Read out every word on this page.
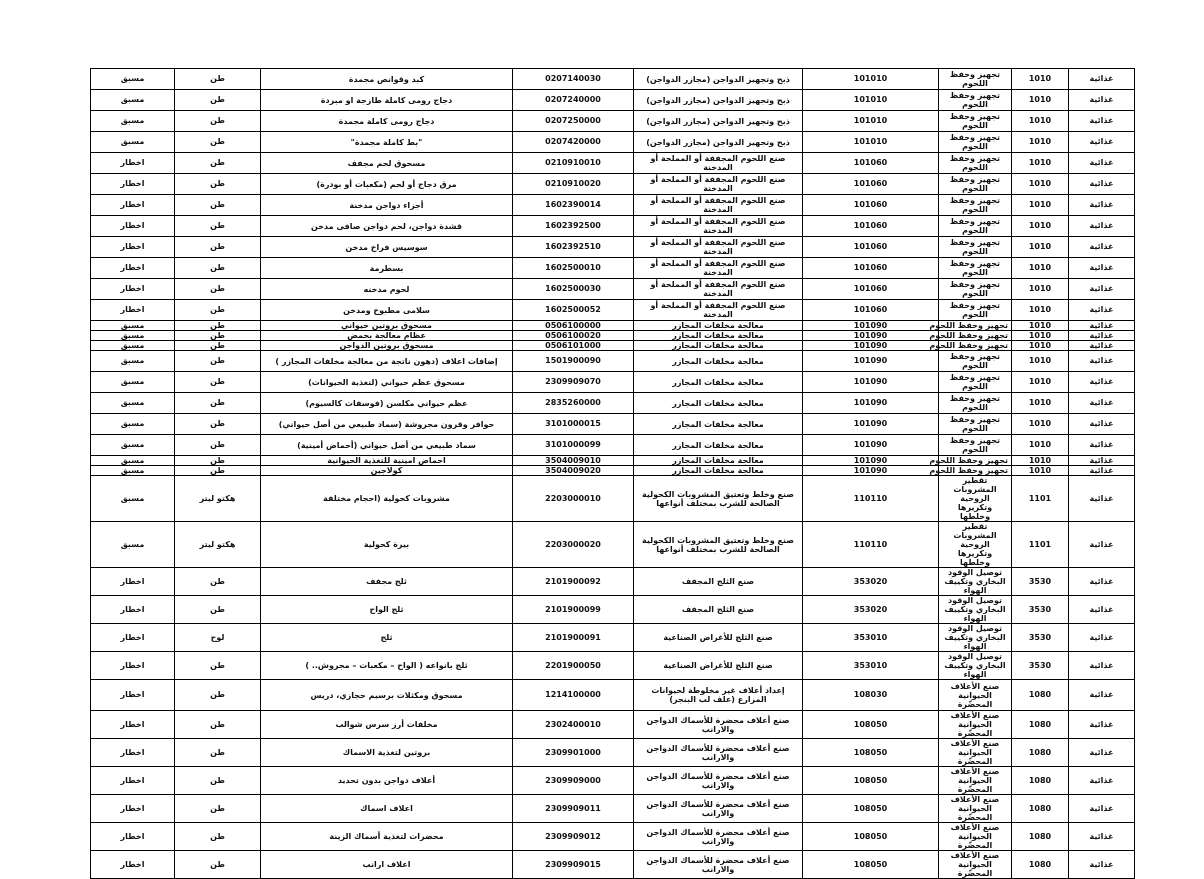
مسبق	طن	كبد وقوانص مجمدة	0207140030	ذبح وتجهيز الدواجن (مجازر الدواجن)	101010	تجهيز وحفظ اللحوم	1010	غذائية
مسبق	طن	دجاج رومى كاملة طازجة او مبردة	0207240000	ذبح وتجهيز الدواجن (مجازر الدواجن)	101010	تجهيز وحفظ اللحوم	1010	غذائية
مسبق	طن	دجاج رومى كاملة مجمدة	0207250000	ذبح وتجهيز الدواجن (مجازر الدواجن)	101010	تجهيز وحفظ اللحوم	1010	غذائية
مسبق	طن	"بط كاملة مجمدة"	0207420000	ذبح وتجهيز الدواجن (مجازر الدواجن)	101010	تجهيز وحفظ اللحوم	1010	غذائية
اخطار	طن	مسحوق لحم مجفف	0210910010	صنع اللحوم المجففة أو المملحة أو المدخنة	101060	تجهيز وحفظ اللحوم	1010	غذائية
اخطار	طن	مرق دجاج أو لحم (مكعبات أو بودرة)	0210910020	صنع اللحوم المجففة أو المملحة أو المدخنة	101060	تجهيز وحفظ اللحوم	1010	غذائية
اخطار	طن	أجزاء دواجن مدخنة	1602390014	صنع اللحوم المجففة أو المملحة أو المدخنة	101060	تجهيز وحفظ اللحوم	1010	غذائية
اخطار	طن	قشدة دواجن، لحم دواجن صافى مدخن	1602392500	صنع اللحوم المجففة أو المملحة أو المدخنة	101060	تجهيز وحفظ اللحوم	1010	غذائية
اخطار	طن	سوسيس فراخ مدخن	1602392510	صنع اللحوم المجففة أو المملحة أو المدخنة	101060	تجهيز وحفظ اللحوم	1010	غذائية
اخطار	طن	بسطرمة	1602500010	صنع اللحوم المجففة أو المملحة أو المدخنة	101060	تجهيز وحفظ اللحوم	1010	غذائية
اخطار	طن	لحوم مدخنه	1602500030	صنع اللحوم المجففة أو المملحة أو المدخنة	101060	تجهيز وحفظ اللحوم	1010	غذائية
اخطار	طن	سلامى مطبوخ ومدخن	1602500052	صنع اللحوم المجففة أو المملحة أو المدخنة	101060	تجهيز وحفظ اللحوم	1010	غذائية
مسبق	طن	مسحوق بروتين حيواني	0506100000	معالجة مخلفات المجازر	101090	تجهيز وحفظ اللحوم	1010	غذائية
مسبق	طن	عظام معالجة بحمض	0506100020	معالجة مخلفات المجازر	101090	تجهيز وحفظ اللحوم	1010	غذائية
مسبق	طن	مسحوق بروتين الدواجن	0506101000	معالجة مخلفات المجازر	101090	تجهيز وحفظ اللحوم	1010	غذائية
مسبق	طن	إضافات اعلاف (دهون ناتجة من معالجة مخلفات المجازر )	1501900090	معالجة مخلفات المجازر	101090	تجهيز وحفظ اللحوم	1010	غذائية
مسبق	طن	مسحوق عظم حيواني (لتغذية الحيوانات)	2309909070	معالجة مخلفات المجازر	101090	تجهيز وحفظ اللحوم	1010	غذائية
مسبق	طن	عظم حيواني مكلسن (فوسفات كالسيوم)	2835260000	معالجة مخلفات المجازر	101090	تجهيز وحفظ اللحوم	1010	غذائية
مسبق	طن	حوافر وقرون مجروشة (سماد طبيعي من أصل حيواني)	3101000015	معالجة مخلفات المجازر	101090	تجهيز وحفظ اللحوم	1010	غذائية
مسبق	طن	سماد طبيعي من أصل حيواني (أحماض أمينية)	3101000099	معالجة مخلفات المجازر	101090	تجهيز وحفظ اللحوم	1010	غذائية
مسبق	طن	احماض امينية للتغذية الحيوانية	3504009010	معالجة مخلفات المجازر	101090	تجهيز وحفظ اللحوم	1010	غذائية
مسبق	طن	كولاجين	3504009020	معالجة مخلفات المجازر	101090	تجهيز وحفظ اللحوم	1010	غذائية
مسبق	هكتو ليتر	مشروبات كحولية (احجام مختلفة	2203000010	صنع وخلط وتعتيق المشروبات الكحولية الصالحة للشرب بمختلف أنواعها	110110	تقطير المشروبات الروحية وتكريرها وخلطها	1101	غذائية
مسبق	هكتو ليتر	بيرة كحولية	2203000020	صنع وخلط وتعتيق المشروبات الكحولية الصالحة للشرب بمختلف أنواعها	110110	تقطير المشروبات الروحية وتكريرها وخلطها	1101	غذائية
اخطار	طن	ثلج مجفف	2101900092	صنع الثلج المجفف	353020	توصيل الوقود البخاري وتكييف الهواء	3530	غذائية
اخطار	طن	ثلج الواح	2101900099	صنع الثلج المجفف	353020	توصيل الوقود البخاري وتكييف الهواء	3530	غذائية
اخطار	لوح	ثلج	2101900091	صنع الثلج للأغراض الصناعية	353010	توصيل الوقود البخاري وتكييف الهواء	3530	غذائية
اخطار	طن	ثلج بانواعه ( الواح – مكعبات – مجروش.. )	2201900050	صنع الثلج للأغراض الصناعية	353010	توصيل الوقود البخاري وتكييف الهواء	3530	غذائية
اخطار	طن	مسحوق ومكثلات برسيم حجازي، دريس	1214100000	إعداد أعلاف غير مخلوطة لحيوانات المزارع (علف لب البنجر)	108030	صنع الأعلاف الحيوانية المحضّرة	1080	غذائية
اخطار	طن	مخلفات أرز سرس شوالب	2302400010	صنع أعلاف محضرة للأسماك الدواجن والارانب	108050	صنع الأعلاف الحيوانية المحضّرة	1080	غذائية
اخطار	طن	بروتين لتغذية الاسماك	2309901000	صنع أعلاف محضرة للأسماك الدواجن والارانب	108050	صنع الأعلاف الحيوانية المحضّرة	1080	غذائية
اخطار	طن	أعلاف دواجن بدون تحديد	2309909000	صنع أعلاف محضرة للأسماك الدواجن والارانب	108050	صنع الأعلاف الحيوانية المحضّرة	1080	غذائية
اخطار	طن	اعلاف اسماك	2309909011	صنع أعلاف محضرة للأسماك الدواجن والارانب	108050	صنع الأعلاف الحيوانية المحضّرة	1080	غذائية
اخطار	طن	محضرات لتغذية أسماك الزينة	2309909012	صنع أعلاف محضرة للأسماك الدواجن والارانب	108050	صنع الأعلاف الحيوانية المحضّرة	1080	غذائية
اخطار	طن	اعلاف ارانب	2309909015	صنع أعلاف محضرة للأسماك الدواجن والارانب	108050	صنع الأعلاف الحيوانية المحضّرة	1080	غذائية
